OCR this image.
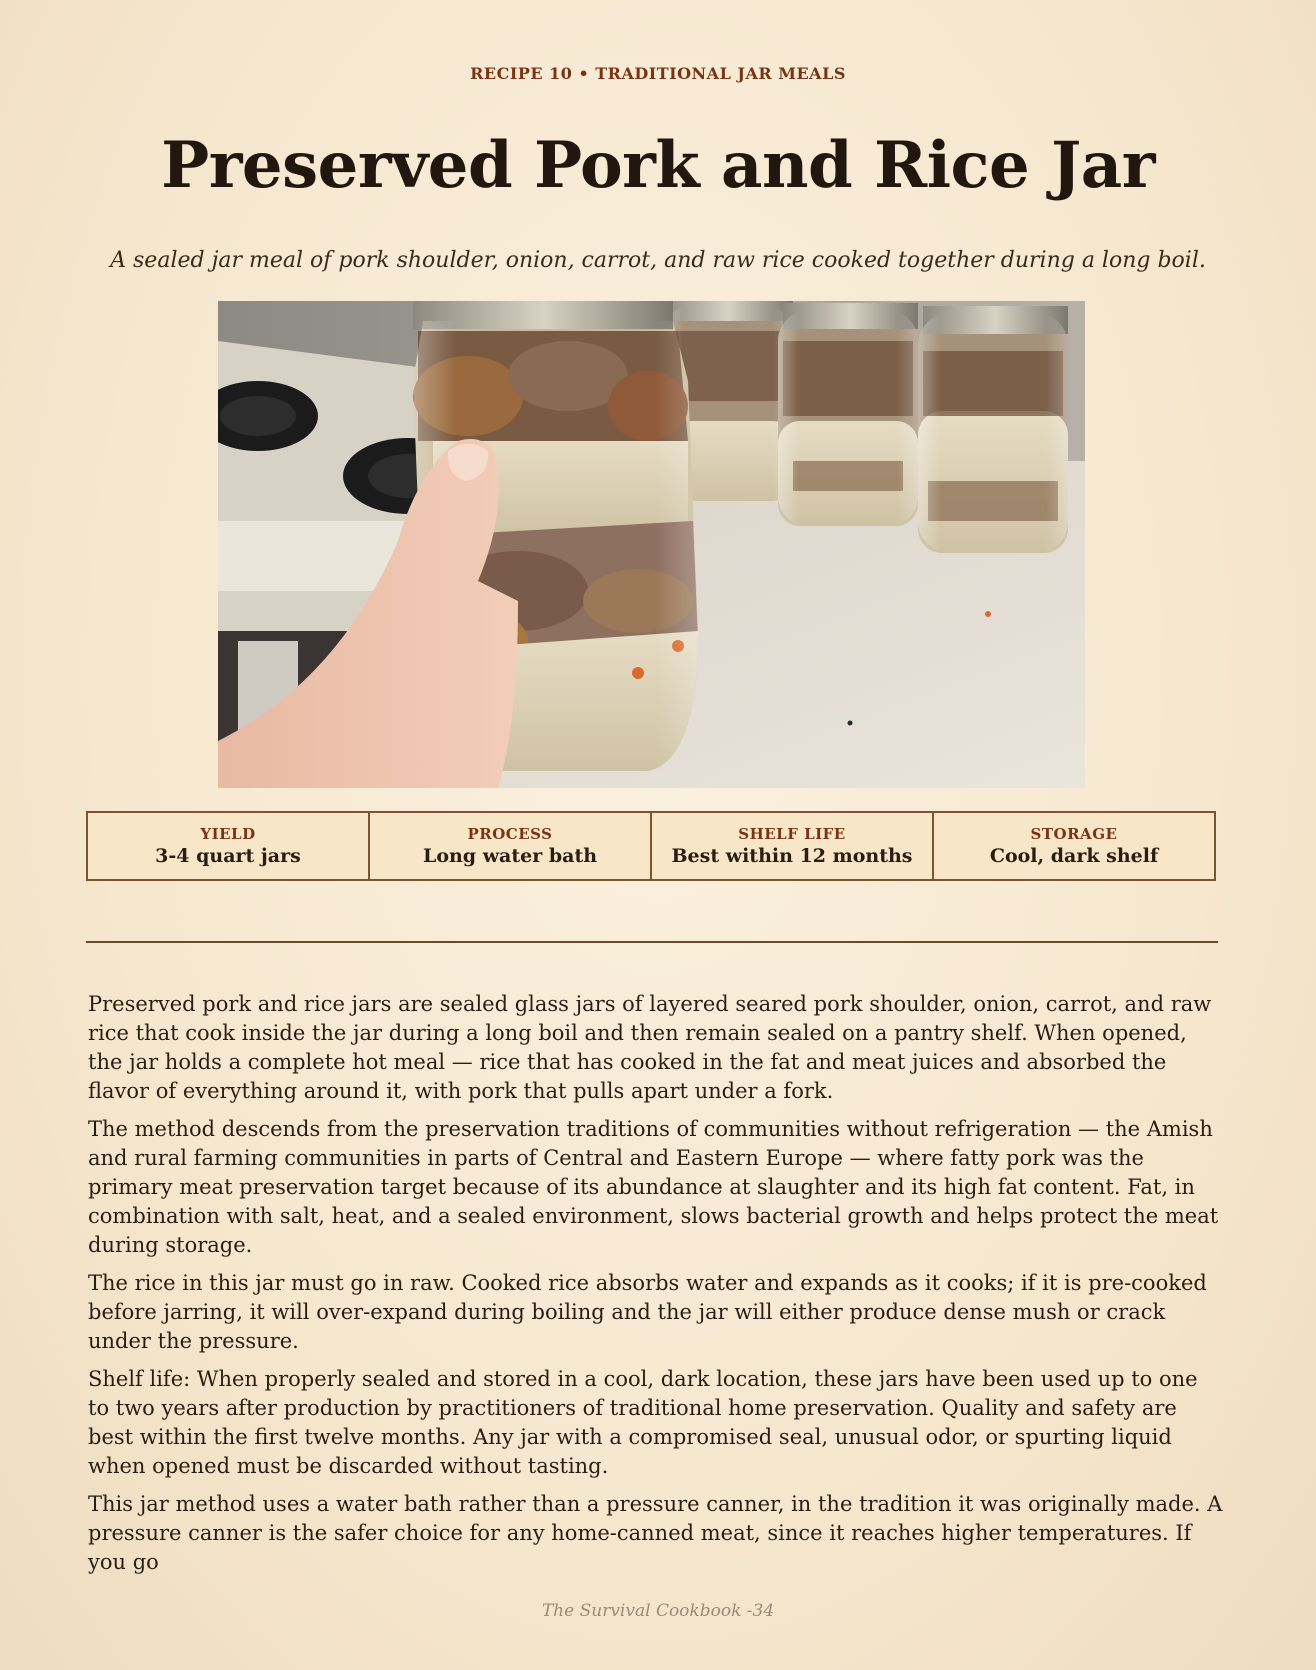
RECIPE 10 • TRADITIONAL JAR MEALS
Preserved Pork and Rice Jar
A sealed jar meal of pork shoulder, onion, carrot, and raw rice cooked together during a long boil.
YIELD
3-4 quart jars
PROCESS
Long water bath
SHELF LIFE
Best within 12 months
STORAGE
Cool, dark shelf

Preserved pork and rice jars are sealed glass jars of layered seared pork shoulder, onion, carrot, and raw rice that cook inside the jar during a long boil and then remain sealed on a pantry shelf. When opened, the jar holds a complete hot meal — rice that has cooked in the fat and meat juices and absorbed the flavor of everything around it, with pork that pulls apart under a fork.

The method descends from the preservation traditions of communities without refrigeration — the Amish and rural farming communities in parts of Central and Eastern Europe — where fatty pork was the primary meat preservation target because of its abundance at slaughter and its high fat content. Fat, in combination with salt, heat, and a sealed environment, slows bacterial growth and helps protect the meat during storage.

The rice in this jar must go in raw. Cooked rice absorbs water and expands as it cooks; if it is pre-cooked before jarring, it will over-expand during boiling and the jar will either produce dense mush or crack under the pressure.

Shelf life: When properly sealed and stored in a cool, dark location, these jars have been used up to one to two years after production by practitioners of traditional home preservation. Quality and safety are best within the first twelve months. Any jar with a compromised seal, unusual odor, or spurting liquid when opened must be discarded without tasting.

This jar method uses a water bath rather than a pressure canner, in the tradition it was originally made. A pressure canner is the safer choice for any home-canned meat, since it reaches higher temperatures. If you go

The Survival Cookbook -34
